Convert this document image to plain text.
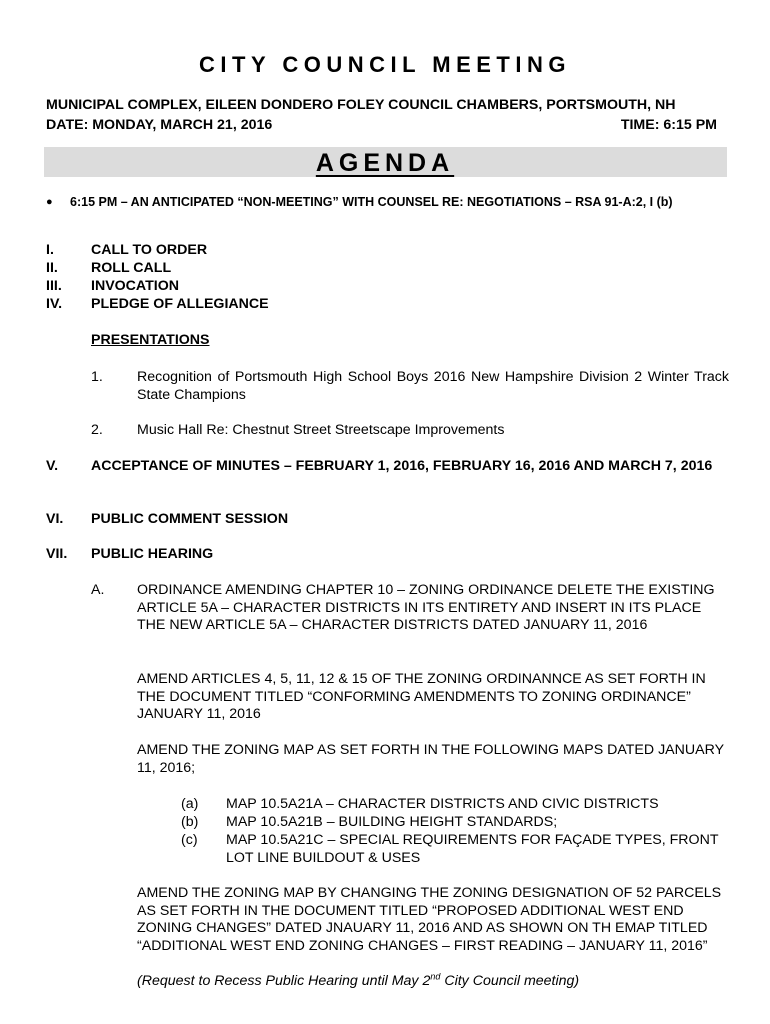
CITY COUNCIL MEETING
MUNICIPAL COMPLEX, EILEEN DONDERO FOLEY COUNCIL CHAMBERS, PORTSMOUTH, NH
DATE: MONDAY, MARCH 21, 2016	TIME: 6:15 PM
AGENDA
● 6:15 PM – AN ANTICIPATED “NON-MEETING” WITH COUNSEL RE: NEGOTIATIONS – RSA 91-A:2, I (b)
I.	CALL TO ORDER
II.	ROLL CALL
III.	INVOCATION
IV.	PLEDGE OF ALLEGIANCE
PRESENTATIONS
1.	Recognition of Portsmouth High School Boys 2016 New Hampshire Division 2 Winter Track State Champions
2.	Music Hall Re: Chestnut Street Streetscape Improvements
V.	ACCEPTANCE OF MINUTES – FEBRUARY 1, 2016, FEBRUARY 16, 2016 AND MARCH 7, 2016
VI.	PUBLIC COMMENT SESSION
VII.	PUBLIC HEARING
A.	ORDINANCE AMENDING CHAPTER 10 – ZONING ORDINANCE DELETE THE EXISTING ARTICLE 5A – CHARACTER DISTRICTS IN ITS ENTIRETY AND INSERT IN ITS PLACE THE NEW ARTICLE 5A – CHARACTER DISTRICTS DATED JANUARY 11, 2016
AMEND ARTICLES 4, 5, 11, 12 & 15 OF THE ZONING ORDINANNCE AS SET FORTH IN THE DOCUMENT TITLED “CONFORMING AMENDMENTS TO ZONING ORDINANCE” JANUARY 11, 2016
AMEND THE ZONING MAP AS SET FORTH IN THE FOLLOWING MAPS DATED JANUARY 11, 2016;
(a)	MAP 10.5A21A – CHARACTER DISTRICTS AND CIVIC DISTRICTS
(b)	MAP 10.5A21B – BUILDING HEIGHT STANDARDS;
(c)	MAP 10.5A21C – SPECIAL REQUIREMENTS FOR FAÇADE TYPES, FRONT LOT LINE BUILDOUT & USES
AMEND THE ZONING MAP BY CHANGING THE ZONING DESIGNATION OF 52 PARCELS AS SET FORTH IN THE DOCUMENT TITLED “PROPOSED ADDITIONAL WEST END ZONING CHANGES” DATED JNAUARY 11, 2016 AND AS SHOWN ON TH EMAP TITLED “ADDITIONAL WEST END ZONING CHANGES – FIRST READING – JANUARY 11, 2016”
(Request to Recess Public Hearing until May 2nd City Council meeting)
